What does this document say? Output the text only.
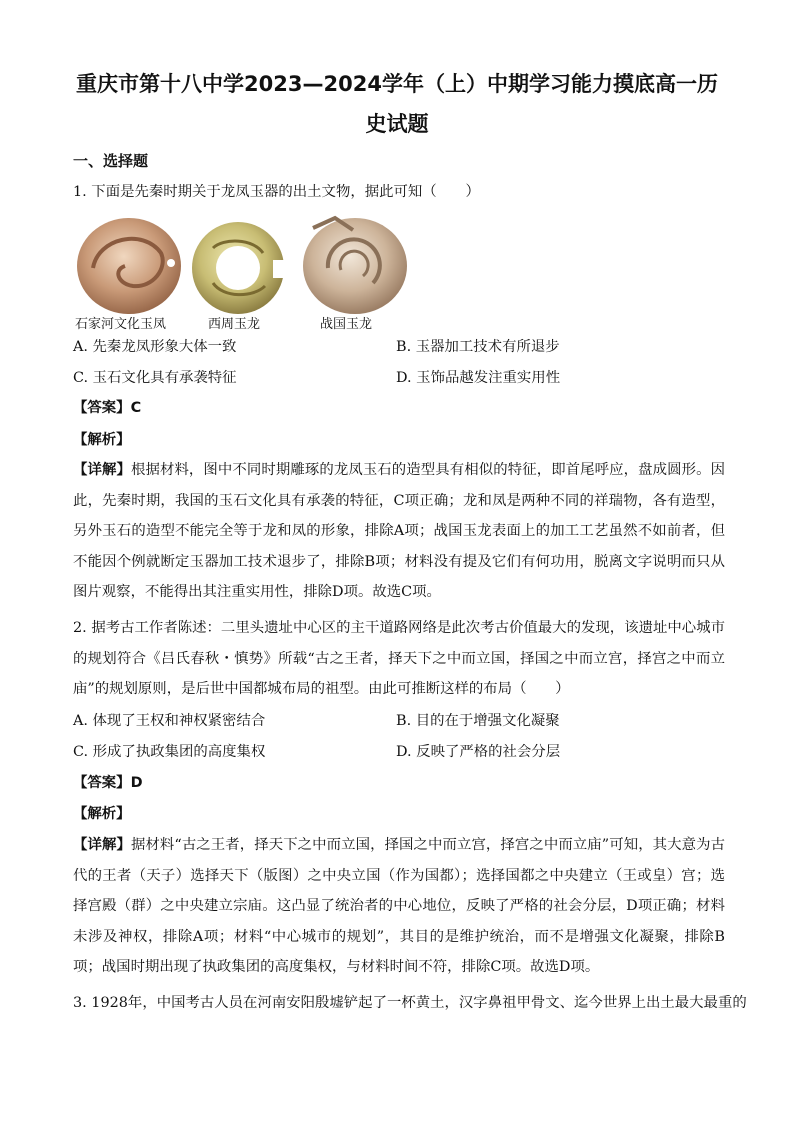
重庆市第十八中学2023—2024学年（上）中期学习能力摸底高一历
史试题
一、选择题
1. 下面是先秦时期关于龙凤玉器的出土文物，据此可知（　　）
石家河文化玉凤	西周玉龙	战国玉龙
A. 先秦龙凤形象大体一致	B. 玉器加工技术有所退步
C. 玉石文化具有承袭特征	D. 玉饰品越发注重实用性
【答案】C
【解析】
【详解】根据材料，图中不同时期雕琢的龙凤玉石的造型具有相似的特征，即首尾呼应，盘成圆形。因此，先秦时期，我国的玉石文化具有承袭的特征，C项正确；龙和凤是两种不同的祥瑞物，各有造型，另外玉石的造型不能完全等于龙和凤的形象，排除A项；战国玉龙表面上的加工工艺虽然不如前者，但不能因个例就断定玉器加工技术退步了，排除B项；材料没有提及它们有何功用，脱离文字说明而只从图片观察，不能得出其注重实用性，排除D项。故选C项。
2. 据考古工作者陈述：二里头遗址中心区的主干道路网络是此次考古价值最大的发现，该遗址中心城市的规划符合《吕氏春秋・慎势》所载“古之王者，择天下之中而立国，择国之中而立宫，择宫之中而立庙”的规划原则，是后世中国都城布局的祖型。由此可推断这样的布局（　　）
A. 体现了王权和神权紧密结合	B. 目的在于增强文化凝聚
C. 形成了执政集团的高度集权	D. 反映了严格的社会分层
【答案】D
【解析】
【详解】据材料“古之王者，择天下之中而立国，择国之中而立宫，择宫之中而立庙”可知，其大意为古代的王者（天子）选择天下（版图）之中央立国（作为国都）；选择国都之中央建立（王或皇）宫；选择宫殿（群）之中央建立宗庙。这凸显了统治者的中心地位，反映了严格的社会分层，D项正确；材料未涉及神权，排除A项；材料“中心城市的规划”，其目的是维护统治，而不是增强文化凝聚，排除B项；战国时期出现了执政集团的高度集权，与材料时间不符，排除C项。故选D项。
3. 1928年，中国考古人员在河南安阳殷墟铲起了一杯黄土，汉字鼻祖甲骨文、迄今世界上出土最大最重的
